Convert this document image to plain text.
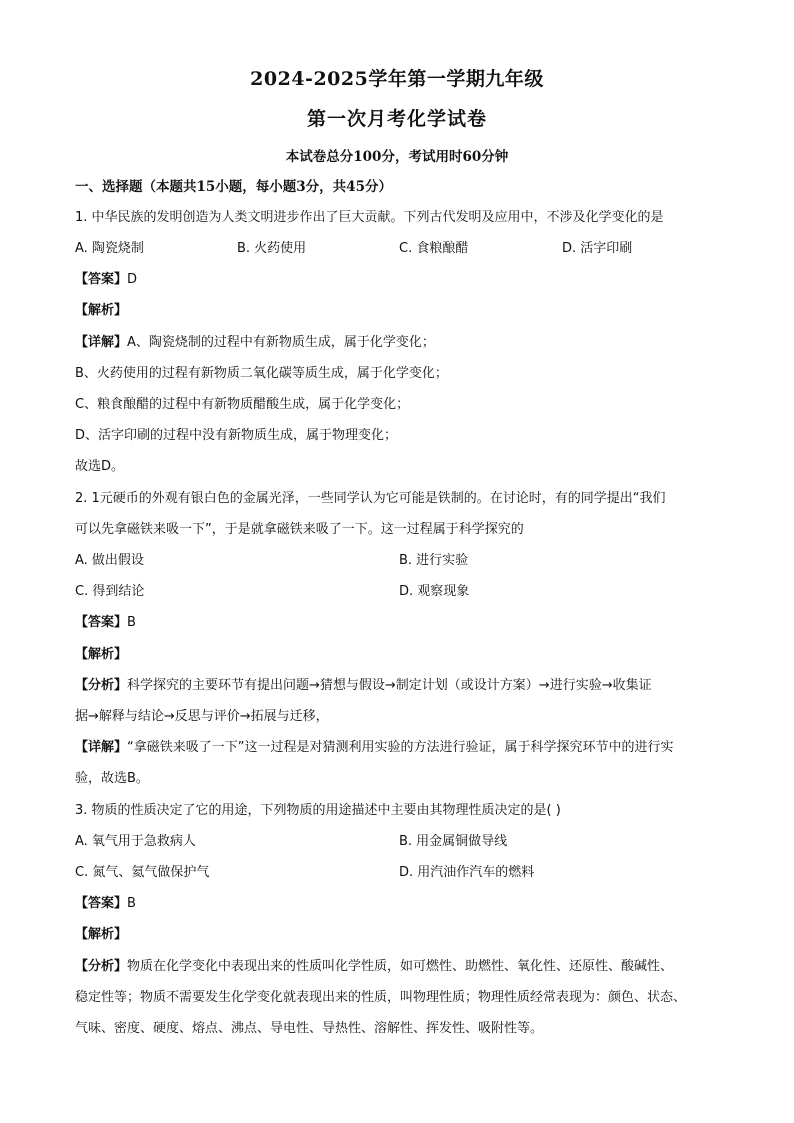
2024-2025学年第一学期九年级
第一次月考化学试卷
本试卷总分100分，考试用时60分钟
一、选择题（本题共15小题，每小题3分，共45分）
1. 中华民族的发明创造为人类文明进步作出了巨大贡献。下列古代发明及应用中，不涉及化学变化的是
A. 陶瓷烧制	B. 火药使用	C. 食粮酿醋	D. 活字印刷
【答案】D
【解析】
【详解】A、陶瓷烧制的过程中有新物质生成，属于化学变化；
B、火药使用的过程有新物质二氧化碳等质生成，属于化学变化；
C、粮食酿醋的过程中有新物质醋酸生成，属于化学变化；
D、活字印刷的过程中没有新物质生成，属于物理变化；
故选D。
2. 1元硬币的外观有银白色的金属光泽，一些同学认为它可能是铁制的。在讨论时，有的同学提出“我们
可以先拿磁铁来吸一下”，于是就拿磁铁来吸了一下。这一过程属于科学探究的
A. 做出假设	B. 进行实验
C. 得到结论	D. 观察现象
【答案】B
【解析】
【分析】科学探究的主要环节有提出问题→猜想与假设→制定计划（或设计方案）→进行实验→收集证
据→解释与结论→反思与评价→拓展与迁移，
【详解】“拿磁铁来吸了一下”这一过程是对猜测利用实验的方法进行验证，属于科学探究环节中的进行实
验，故选B。
3. 物质的性质决定了它的用途，下列物质的用途描述中主要由其物理性质决定的是( )
A. 氧气用于急救病人	B. 用金属铜做导线
C. 氮气、氦气做保护气	D. 用汽油作汽车的燃料
【答案】B
【解析】
【分析】物质在化学变化中表现出来的性质叫化学性质，如可燃性、助燃性、氧化性、还原性、酸碱性、
稳定性等；物质不需要发生化学变化就表现出来的性质，叫物理性质；物理性质经常表现为：颜色、状态、
气味、密度、硬度、熔点、沸点、导电性、导热性、溶解性、挥发性、吸附性等。
